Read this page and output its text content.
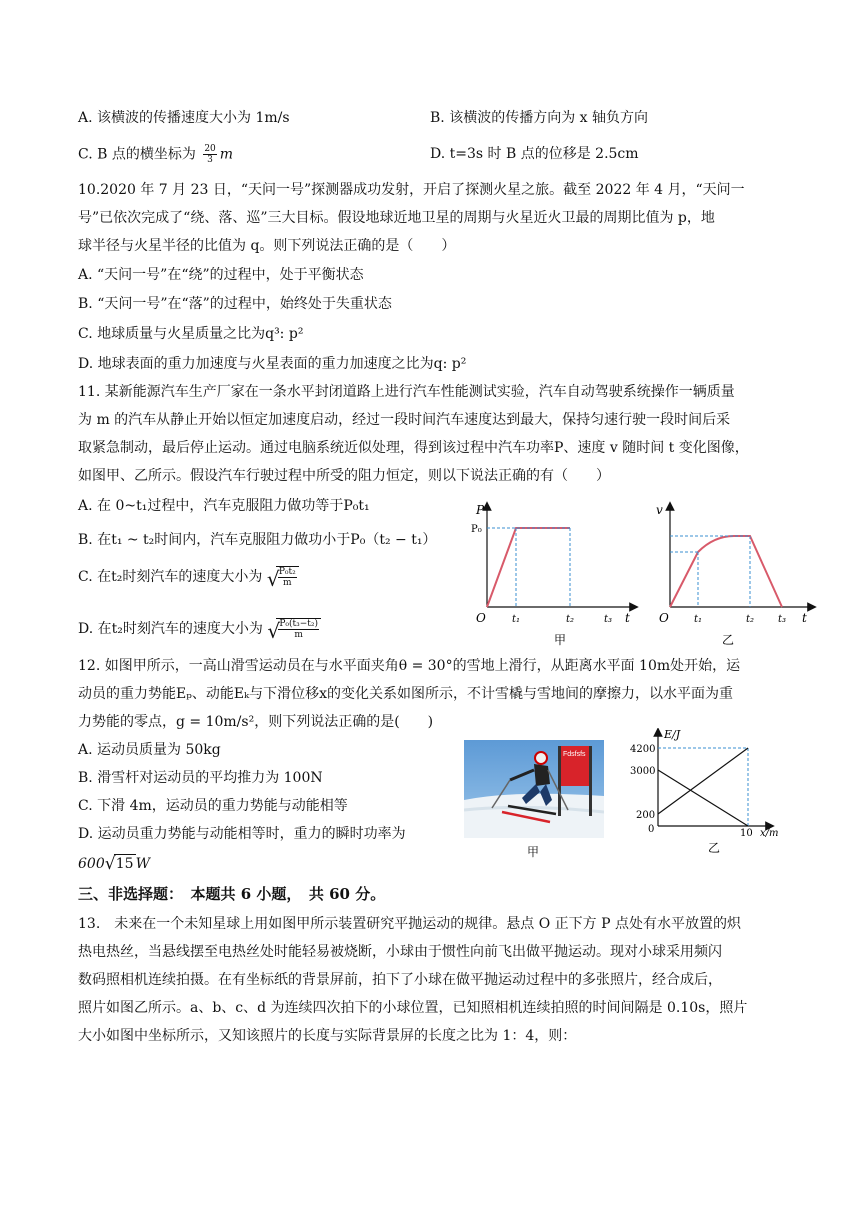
A. 该横波的传播速度大小为 1m/s	B. 该横波的传播方向为 x 轴负方向
C. B 点的横坐标为 $\frac{20}{3}$ m	D. t=3s 时 B 点的位移是 2.5cm
10.2020 年 7 月 23 日，“天问一号”探测器成功发射，开启了探测火星之旅。截至 2022 年 4 月，“天问一
号”已依次完成了“绕、落、巡”三大目标。假设地球近地卫星的周期与火星近火卫最的周期比值为 p，地
球半径与火星半径的比值为 q。则下列说法正确的是（　　）
A. “天问一号”在“绕”的过程中，处于平衡状态
B. “天问一号”在“落”的过程中，始终处于失重状态
C. 地球质量与火星质量之比为q³: p²
D. 地球表面的重力加速度与火星表面的重力加速度之比为q: p²
11. 某新能源汽车生产厂家在一条水平封闭道路上进行汽车性能测试实验，汽车自动驾驶系统操作一辆质量
为 m 的汽车从静止开始以恒定加速度启动，经过一段时间汽车速度达到最大，保持匀速行驶一段时间后采
取紧急制动，最后停止运动。通过电脑系统近似处理，得到该过程中汽车功率P、速度 v 随时间 t 变化图像，
如图甲、乙所示。假设汽车行驶过程中所受的阻力恒定，则以下说法正确的有（　　）
A. 在 0~t₁过程中，汽车克服阻力做功等于P₀t₁
B. 在t₁ ~ t₂时间内，汽车克服阻力做功小于P₀（t₂ − t₁）
C. 在t₂时刻汽车的速度大小为 √
$\frac{\text{P₀t₂}}{m}$
D. 在t₂时刻汽车的速度大小为 √
$\frac{\text{P₀(t₃−t₂)}}{m}$
P
P₀
O	t₁	t₂	t₃ t
甲
v
O	t₁	t₂ t₃ t
乙
12. 如图甲所示，一高山滑雪运动员在与水平面夹角θ = 30°的雪地上滑行，从距离水平面 10m处开始，运
动员的重力势能Eₚ、动能Eₖ与下滑位移x的变化关系如图所示，不计雪橇与雪地间的摩擦力，以水平面为重
力势能的零点，g = 10m/s²，则下列说法正确的是(　　)
A. 运动员质量为 50kg
B. 滑雪杆对运动员的平均推力为 100N
C. 下滑 4m，运动员的重力势能与动能相等
D. 运动员重力势能与动能相等时，重力的瞬时功率为
600 √ 15 W
Fdsfsfs
甲
E/J
4200
3000
200
0	10 x/m
乙
三、非选择题：　本题共 6 小题，　共 60 分。
13.　未来在一个未知星球上用如图甲所示装置研究平抛运动的规律。悬点 O 正下方 P 点处有水平放置的炽
热电热丝，当悬线摆至电热丝处时能轻易被烧断，小球由于惯性向前飞出做平抛运动。现对小球采用频闪
数码照相机连续拍摄。在有坐标纸的背景屏前，拍下了小球在做平抛运动过程中的多张照片，经合成后，
照片如图乙所示。a、b、c、d 为连续四次拍下的小球位置，已知照相机连续拍照的时间间隔是 0.10s，照片
大小如图中坐标所示，又知该照片的长度与实际背景屏的长度之比为 1：4，则：
